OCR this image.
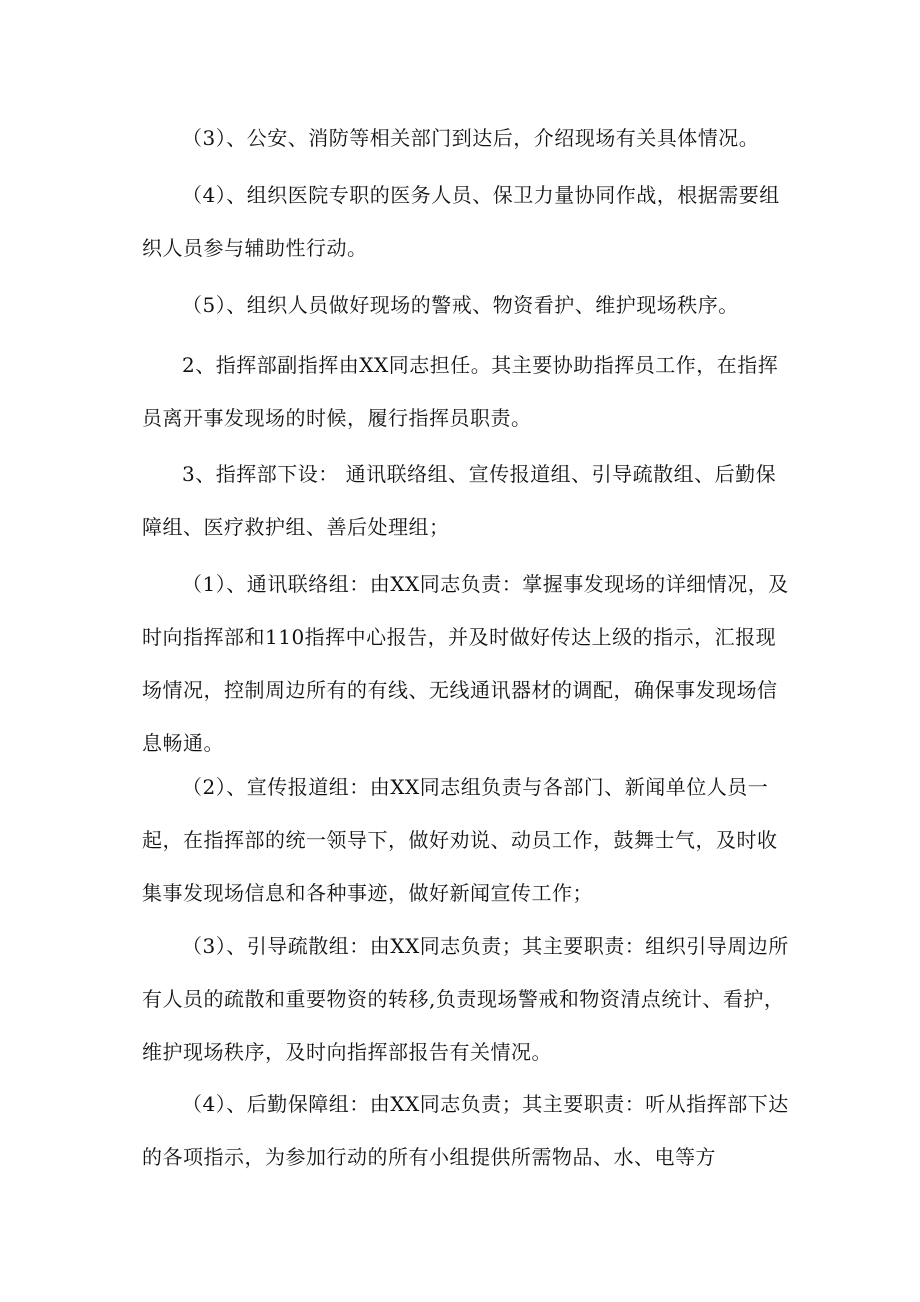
（3）、公安、消防等相关部门到达后，介绍现场有关具体情况。

（4）、组织医院专职的医务人员、保卫力量协同作战，根据需要组织人员参与辅助性行动。

（5）、组织人员做好现场的警戒、物资看护、维护现场秩序。

2、指挥部副指挥由XX同志担任。其主要协助指挥员工作，在指挥员离开事发现场的时候，履行指挥员职责。

3、指挥部下设： 通讯联络组、宣传报道组、引导疏散组、后勤保障组、医疗救护组、善后处理组；

（1）、通讯联络组：由XX同志负责：掌握事发现场的详细情况，及时向指挥部和110指挥中心报告，并及时做好传达上级的指示，汇报现场情况，控制周边所有的有线、无线通讯器材的调配，确保事发现场信息畅通。

（2）、宣传报道组：由XX同志组负责与各部门、新闻单位人员一起，在指挥部的统一领导下，做好劝说、动员工作，鼓舞士气，及时收集事发现场信息和各种事迹，做好新闻宣传工作；

（3）、引导疏散组：由XX同志负责；其主要职责：组织引导周边所有人员的疏散和重要物资的转移,负责现场警戒和物资清点统计、看护，维护现场秩序，及时向指挥部报告有关情况。

（4）、后勤保障组：由XX同志负责；其主要职责：听从指挥部下达的各项指示，为参加行动的所有小组提供所需物品、水、电等方
